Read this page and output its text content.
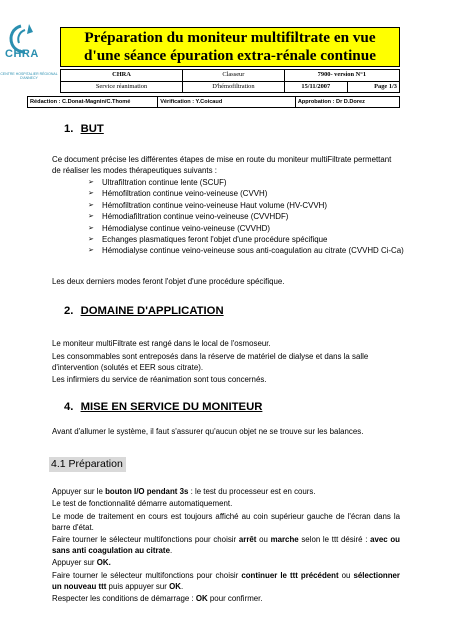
CHRA
CENTRE HOSPITALIER RÉGIONAL D'ANNECY
Préparation du moniteur multifiltrate en vue
d'une séance épuration extra-rénale continue
CHRA	Classeur	7900- version N°1	
Service réanimation	D'hémofiltration	15/11/2007	Page 1/3
Rédaction : C.Donat-Magnin/C.Thomé	Vérification : Y.Coicaud	Approbation : Dr D.Dorez
1. BUT
Ce document précise les différentes étapes de mise en route du moniteur multiFiltrate permettant de réaliser les modes thérapeutiques suivants :
➢ Ultrafiltration continue lente (SCUF)
➢ Hémofiltration continue veino-veineuse (CVVH)
➢ Hémofiltration continue veino-veineuse Haut volume (HV-CVVH)
➢ Hémodiafiltration continue veino-veineuse (CVVHDF)
➢ Hémodialyse continue veino-veineuse (CVVHD)
➢ Echanges plasmatiques feront l'objet d'une procédure spécifique
➢ Hémodialyse continue veino-veineuse sous anti-coagulation au citrate (CVVHD Ci-Ca)
Les deux derniers modes feront l'objet d'une procédure spécifique.
2. DOMAINE D'APPLICATION
Le moniteur multiFiltrate est rangé dans le local de l'osmoseur.
Les consommables sont entreposés dans la réserve de matériel de dialyse et dans la salle d'intervention (solutés et EER sous citrate).
Les infirmiers du service de réanimation sont tous concernés.
4. MISE EN SERVICE DU MONITEUR
Avant d'allumer le système, il faut s'assurer qu'aucun objet ne se trouve sur les balances.
4.1 Préparation
Appuyer sur le bouton I/O pendant 3s : le test du processeur est en cours.
Le test de fonctionnalité démarre automatiquement.
Le mode de traitement en cours est toujours affiché au coin supérieur gauche de l'écran dans la barre d'état.
Faire tourner le sélecteur multifonctions pour choisir arrêt ou marche selon le ttt désiré : avec ou sans anti coagulation au citrate.
Appuyer sur OK.
Faire tourner le sélecteur multifonctions pour choisir continuer le ttt précédent ou sélectionner un nouveau ttt puis appuyer sur OK.
Respecter les conditions de démarrage : OK pour confirmer.
